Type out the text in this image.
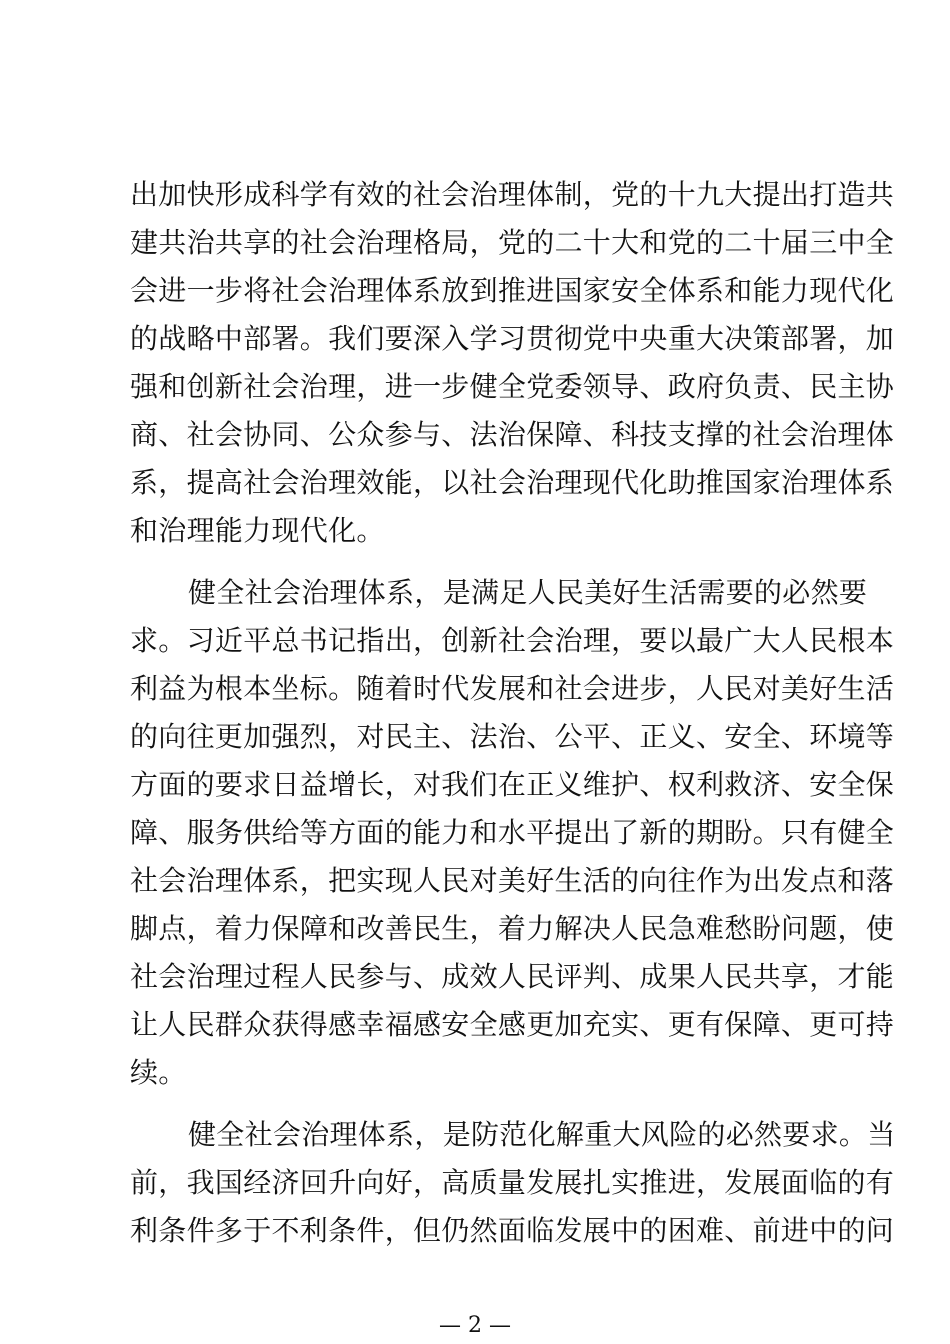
出加快形成科学有效的社会治理体制，党的十九大提出打造共
建共治共享的社会治理格局，党的二十大和党的二十届三中全
会进一步将社会治理体系放到推进国家安全体系和能力现代化
的战略中部署。我们要深入学习贯彻党中央重大决策部署，加
强和创新社会治理，进一步健全党委领导、政府负责、民主协
商、社会协同、公众参与、法治保障、科技支撑的社会治理体
系，提高社会治理效能，以社会治理现代化助推国家治理体系
和治理能力现代化。
健全社会治理体系，是满足人民美好生活需要的必然要
求。习近平总书记指出，创新社会治理，要以最广大人民根本
利益为根本坐标。随着时代发展和社会进步，人民对美好生活
的向往更加强烈，对民主、法治、公平、正义、安全、环境等
方面的要求日益增长，对我们在正义维护、权利救济、安全保
障、服务供给等方面的能力和水平提出了新的期盼。只有健全
社会治理体系，把实现人民对美好生活的向往作为出发点和落
脚点，着力保障和改善民生，着力解决人民急难愁盼问题，使
社会治理过程人民参与、成效人民评判、成果人民共享，才能
让人民群众获得感幸福感安全感更加充实、更有保障、更可持
续。
健全社会治理体系，是防范化解重大风险的必然要求。当
前，我国经济回升向好，高质量发展扎实推进，发展面临的有
利条件多于不利条件，但仍然面临发展中的困难、前进中的问
— 2 —
